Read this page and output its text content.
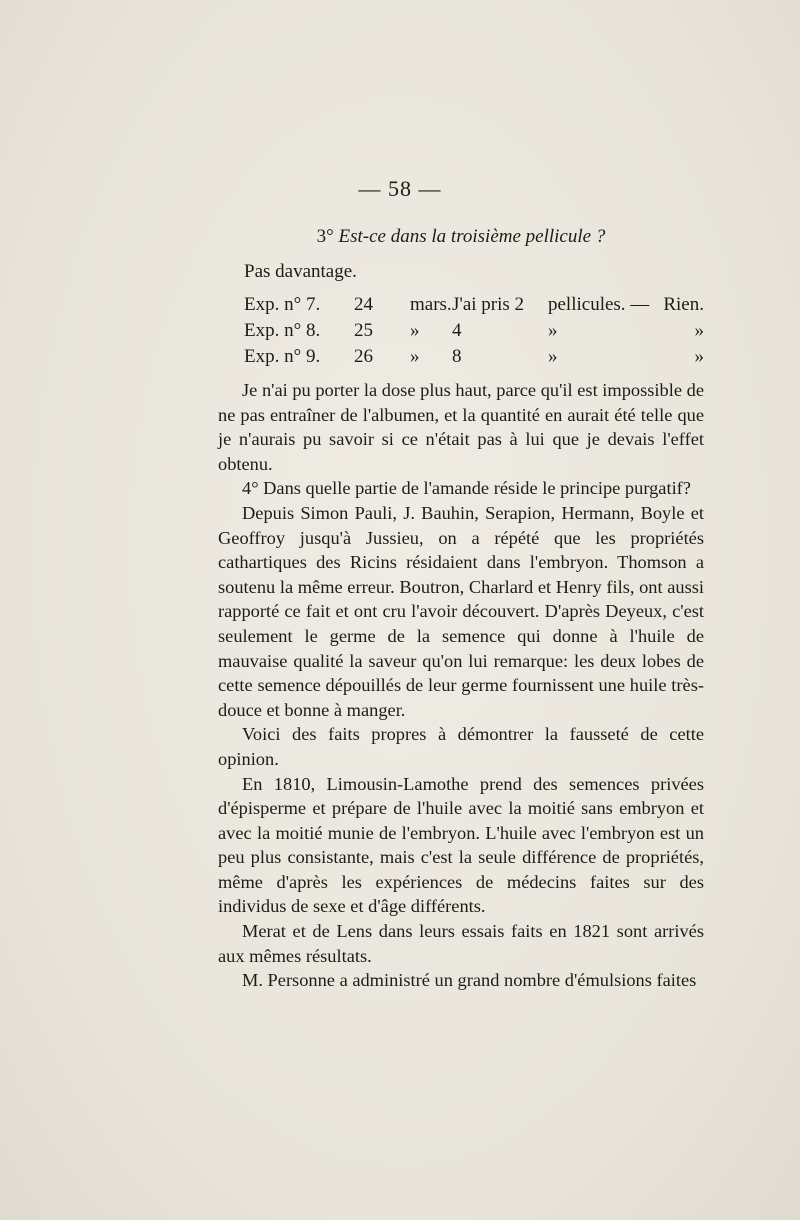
— 58 —
3° Est-ce dans la troisième pellicule ?
Pas davantage.
Exp. n° 7.	24	mars.	J'ai pris 2	pellicules. —	Rien.
Exp. n° 8.	25	»	4	»	»
Exp. n° 9.	26	»	8	»	»

Je n'ai pu porter la dose plus haut, parce qu'il est impossible de ne pas entraîner de l'albumen, et la quantité en aurait été telle que je n'aurais pu savoir si ce n'était pas à lui que je devais l'effet obtenu.

4° Dans quelle partie de l'amande réside le principe purgatif?

Depuis Simon Pauli, J. Bauhin, Serapion, Hermann, Boyle et Geoffroy jusqu'à Jussieu, on a répété que les propriétés cathartiques des Ricins résidaient dans l'embryon. Thomson a soutenu la même erreur. Boutron, Charlard et Henry fils, ont aussi rapporté ce fait et ont cru l'avoir découvert. D'après Deyeux, c'est seulement le germe de la semence qui donne à l'huile de mauvaise qualité la saveur qu'on lui remarque: les deux lobes de cette semence dépouillés de leur germe fournissent une huile très-douce et bonne à manger.

Voici des faits propres à démontrer la fausseté de cette opinion.

En 1810, Limousin-Lamothe prend des semences privées d'épisperme et prépare de l'huile avec la moitié sans embryon et avec la moitié munie de l'embryon. L'huile avec l'embryon est un peu plus consistante, mais c'est la seule différence de propriétés, même d'après les expériences de médecins faites sur des individus de sexe et d'âge différents.

Merat et de Lens dans leurs essais faits en 1821 sont arrivés aux mêmes résultats.

M. Personne a administré un grand nombre d'émulsions faites
